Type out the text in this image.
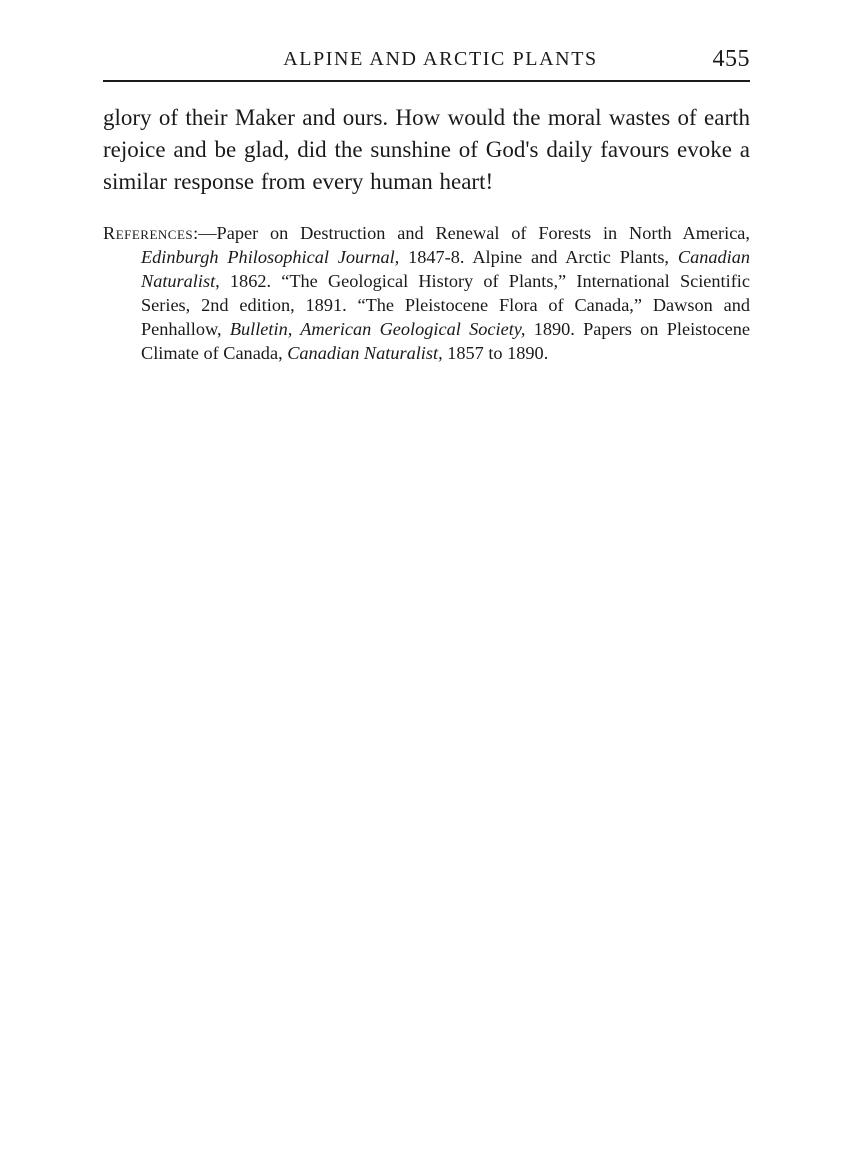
ALPINE AND ARCTIC PLANTS	455

glory of their Maker and ours. How would the moral wastes of earth rejoice and be glad, did the sunshine of God's daily favours evoke a similar response from every human heart!

References:—Paper on Destruction and Renewal of Forests in North America, Edinburgh Philosophical Journal, 1847-8. Alpine and Arctic Plants, Canadian Naturalist, 1862. “The Geological History of Plants,” International Scientific Series, 2nd edition, 1891. “The Pleistocene Flora of Canada,” Dawson and Penhallow, Bulletin, American Geological Society, 1890. Papers on Pleistocene Climate of Canada, Canadian Naturalist, 1857 to 1890.
